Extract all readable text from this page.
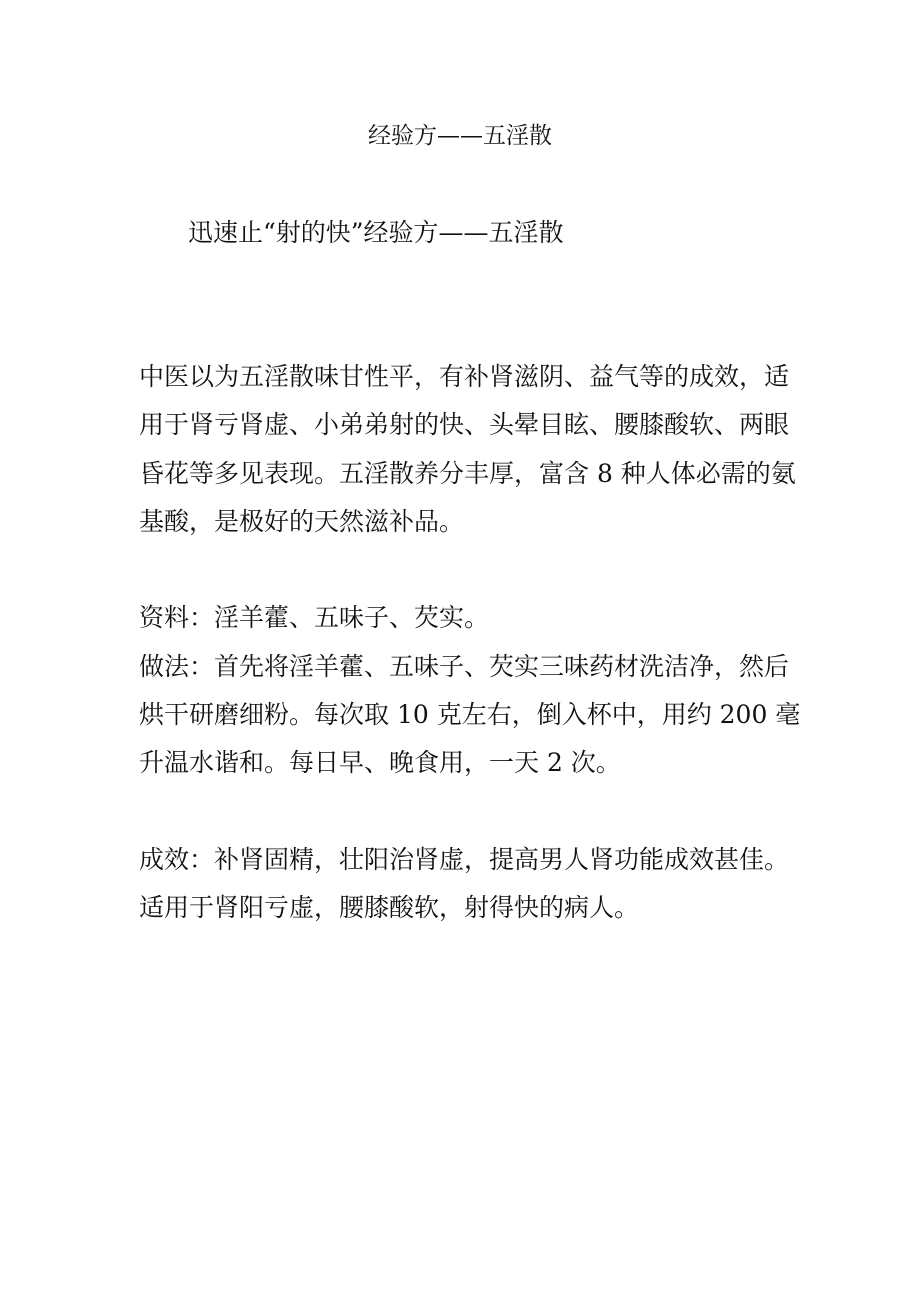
经验方——五淫散
迅速止“射的快”经验方——五淫散
中医以为五淫散味甘性平，有补肾滋阴、益气等的成效，适
用于肾亏肾虚、小弟弟射的快、头晕目眩、腰膝酸软、两眼
昏花等多见表现。五淫散养分丰厚，富含 8 种人体必需的氨
基酸，是极好的天然滋补品。
资料：淫羊藿、五味子、芡实。
做法：首先将淫羊藿、五味子、芡实三味药材洗洁净，然后
烘干研磨细粉。每次取 10 克左右，倒入杯中，用约 200 毫
升温水谐和。每日早、晚食用，一天 2 次。
成效：补肾固精，壮阳治肾虚，提高男人肾功能成效甚佳。
适用于肾阳亏虚，腰膝酸软，射得快的病人。
